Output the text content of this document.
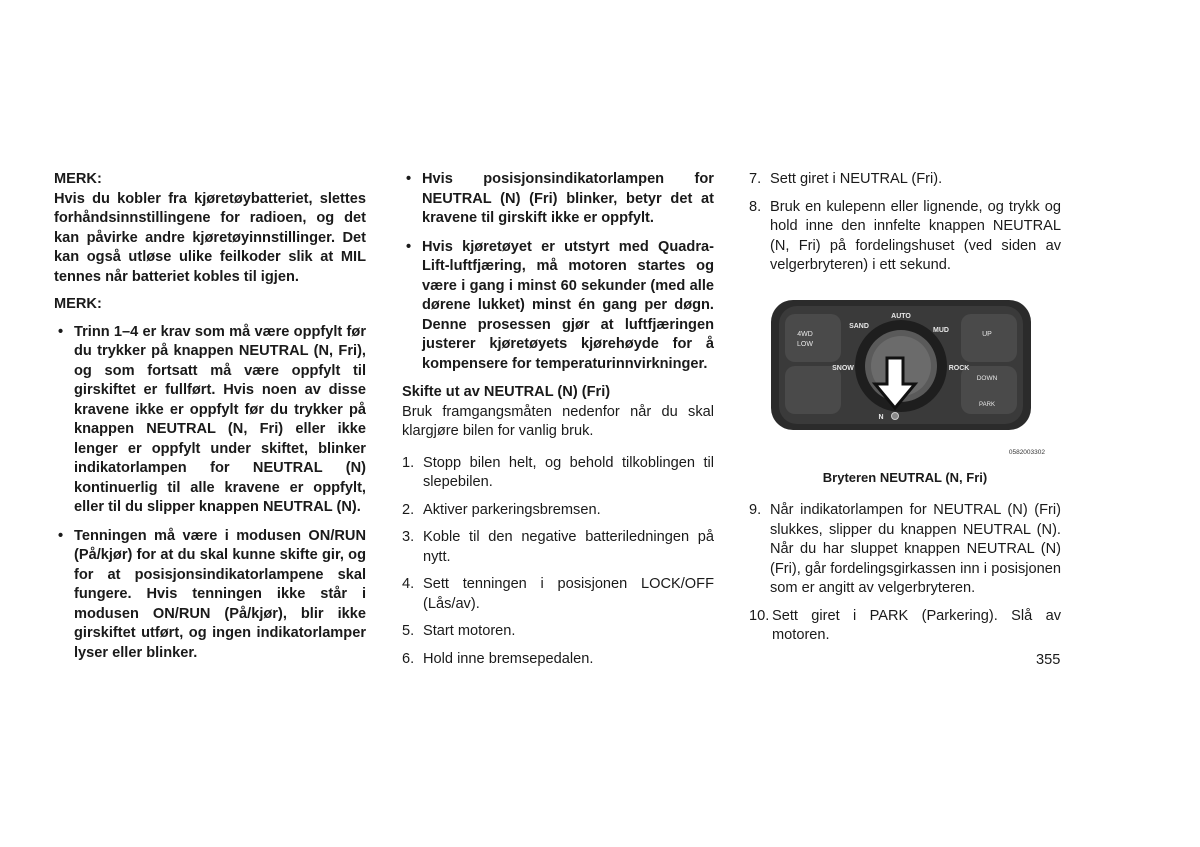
MERK:

Hvis du kobler fra kjøretøybatteriet, slettes forhåndsinnstillingene for radioen, og det kan påvirke andre kjøretøyinnstillinger. Det kan også utløse ulike feilkoder slik at MIL tennes når batteriet kobles til igjen.

MERK:
• Trinn 1–4 er krav som må være oppfylt før du trykker på knappen NEUTRAL (N, Fri), og som fortsatt må være oppfylt til girskiftet er fullført. Hvis noen av disse kravene ikke er oppfylt før du trykker på knappen NEUTRAL (N, Fri) eller ikke lenger er oppfylt under skiftet, blinker indikatorlampen for NEUTRAL (N) kontinuerlig til alle kravene er oppfylt, eller til du slipper knappen NEUTRAL (N).
• Tenningen må være i modusen ON/RUN (På/kjør) for at du skal kunne skifte gir, og for at posisjonsindikatorlampene skal fungere. Hvis tenningen ikke står i modusen ON/RUN (På/kjør), blir ikke girskiftet utført, og ingen indikatorlamper lyser eller blinker.
• Hvis posisjonsindikatorlampen for NEUTRAL (N) (Fri) blinker, betyr det at kravene til girskift ikke er oppfylt.
• Hvis kjøretøyet er utstyrt med Quadra-Lift-luftfjæring, må motoren startes og være i gang i minst 60 sekunder (med alle dørene lukket) minst én gang per døgn. Denne prosessen gjør at luftfjæringen justerer kjøretøyets kjørehøyde for å kompensere for temperaturinnvirkninger.
Skifte ut av NEUTRAL (N) (Fri)

Bruk framgangsmåten nedenfor når du skal klargjøre bilen for vanlig bruk.

1. Stopp bilen helt, og behold tilkoblingen til slepebilen.
2. Aktiver parkeringsbremsen.
3. Koble til den negative batteriledningen på nytt.
4. Sett tenningen i posisjonen LOCK/OFF (Lås/av).
5. Start motoren.
6. Hold inne bremsepedalen.
7. Sett giret i NEUTRAL (Fri).
8. Bruk en kulepenn eller lignende, og trykk og hold inne den innfelte knappen NEUTRAL (N, Fri) på fordelingshuset (ved siden av velgerbryteren) i ett sekund.
AUTO
SAND
MUD
SNOW	ROCK
4WD
LOW
UP
DOWN
PARK
N
0582003302
Bryteren NEUTRAL (N, Fri)
9. Når indikatorlampen for NEUTRAL (N) (Fri) slukkes, slipper du knappen NEUTRAL (N). Når du har sluppet knappen NEUTRAL (N) (Fri), går fordelingsgirkassen inn i posisjonen som er angitt av velgerbryteren.
10. Sett giret i PARK (Parkering). Slå av motoren.
355
